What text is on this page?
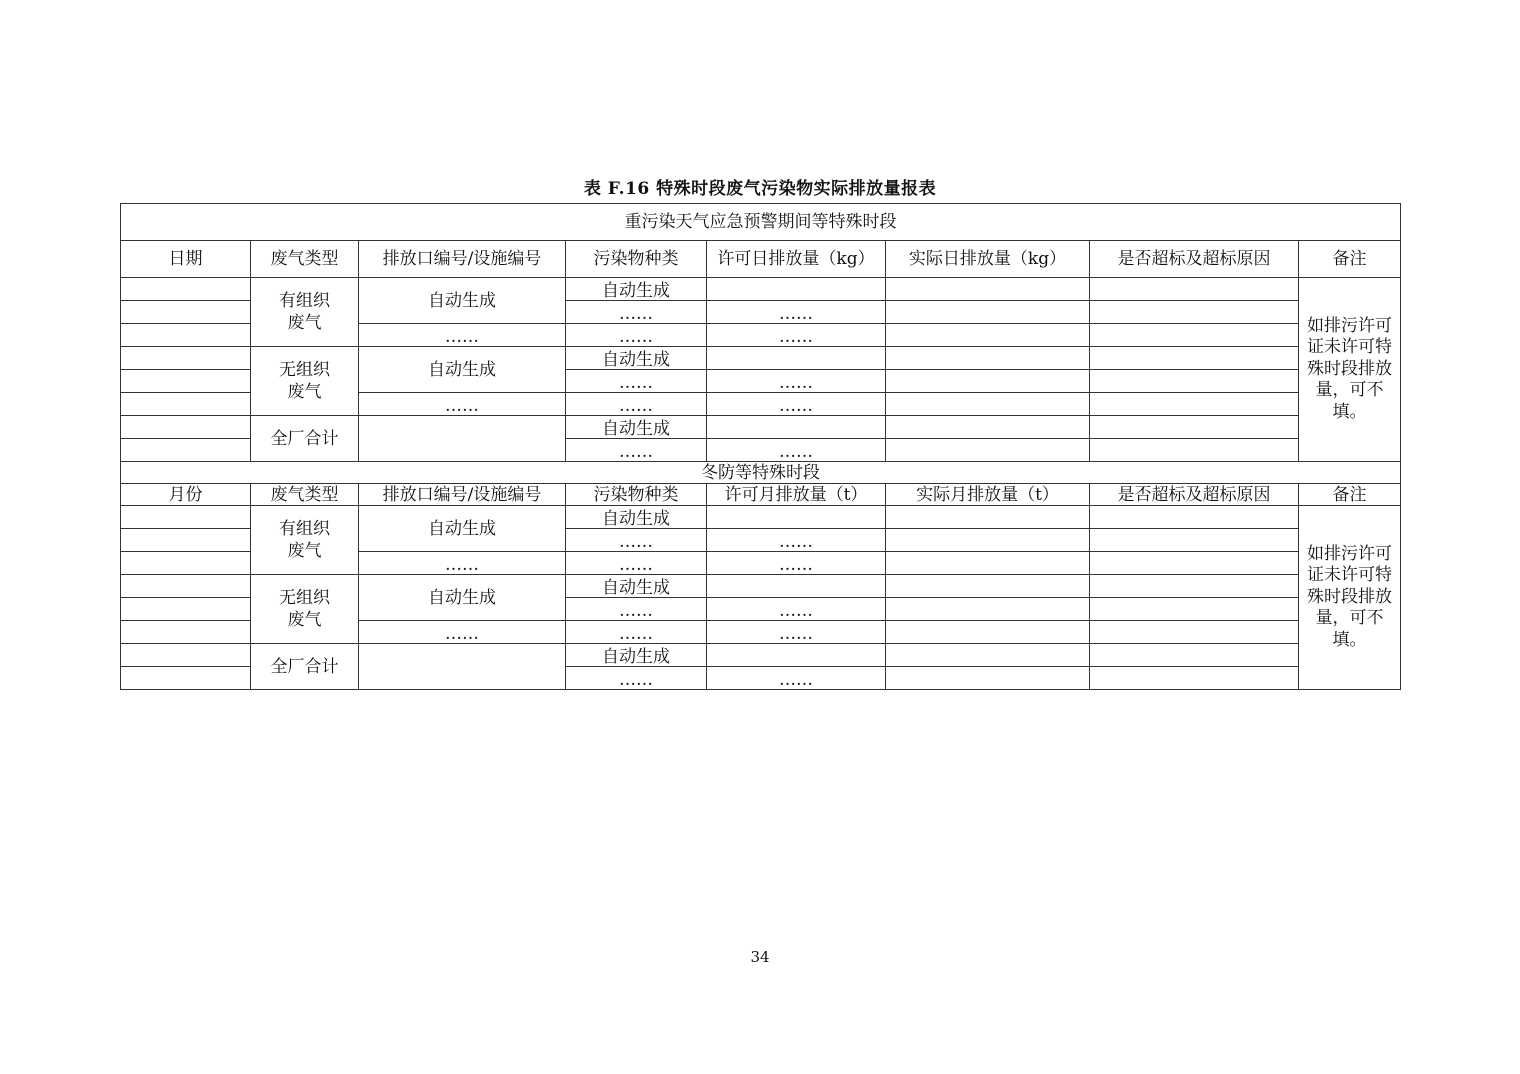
表 F.16 特殊时段废气污染物实际排放量报表
重污染天气应急预警期间等特殊时段							
日期	废气类型	排放口编号/设施编号	污染物种类	许可日排放量（kg）	实际日排放量（kg）	是否超标及超标原因	备注
	有组织废气	自动生成	自动生成				如排污许可证未许可特殊时段排放量，可不填。
			……	……			
		……	……	……			
	无组织废气	自动生成	自动生成				
			……	……			
		……	……	……			
	全厂合计		自动生成				
			……	……			
冬防等特殊时段							
月份	废气类型	排放口编号/设施编号	污染物种类	许可月排放量（t）	实际月排放量（t）	是否超标及超标原因	备注
	有组织废气	自动生成	自动生成				如排污许可证未许可特殊时段排放量，可不填。
			……	……			
		……	……	……			
	无组织废气	自动生成	自动生成				
			……	……			
		……	……	……			
	全厂合计		自动生成				
			……	……			
34
